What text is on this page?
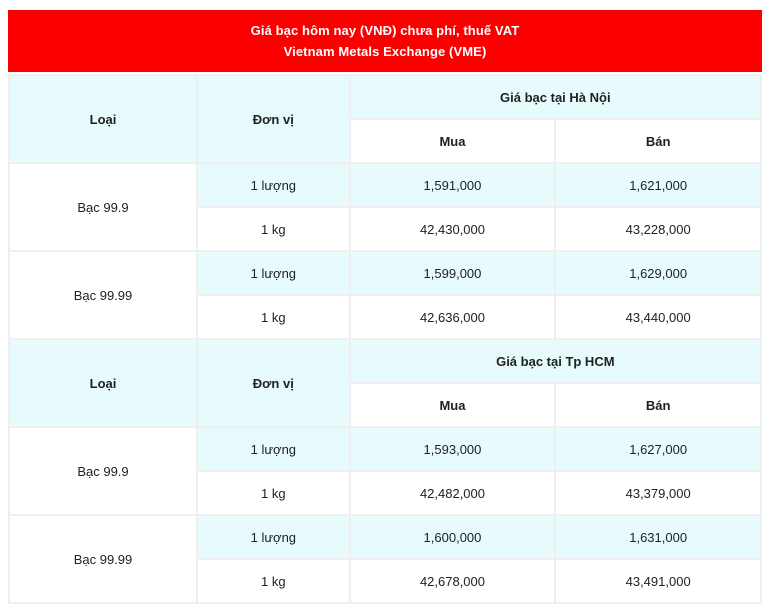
Giá bạc hôm nay (VNĐ) chưa phí, thuế VAT
Vietnam Metals Exchange (VME)
Loại	Đơn vị	Giá bạc tại Hà Nội	
		Mua	Bán
Bạc 99.9	1 lượng	1,591,000	1,621,000
	1 kg	42,430,000	43,228,000
Bạc 99.99	1 lượng	1,599,000	1,629,000
	1 kg	42,636,000	43,440,000
Loại	Đơn vị	Giá bạc tại Tp HCM	
		Mua	Bán
Bạc 99.9	1 lượng	1,593,000	1,627,000
	1 kg	42,482,000	43,379,000
Bạc 99.99	1 lượng	1,600,000	1,631,000
	1 kg	42,678,000	43,491,000
